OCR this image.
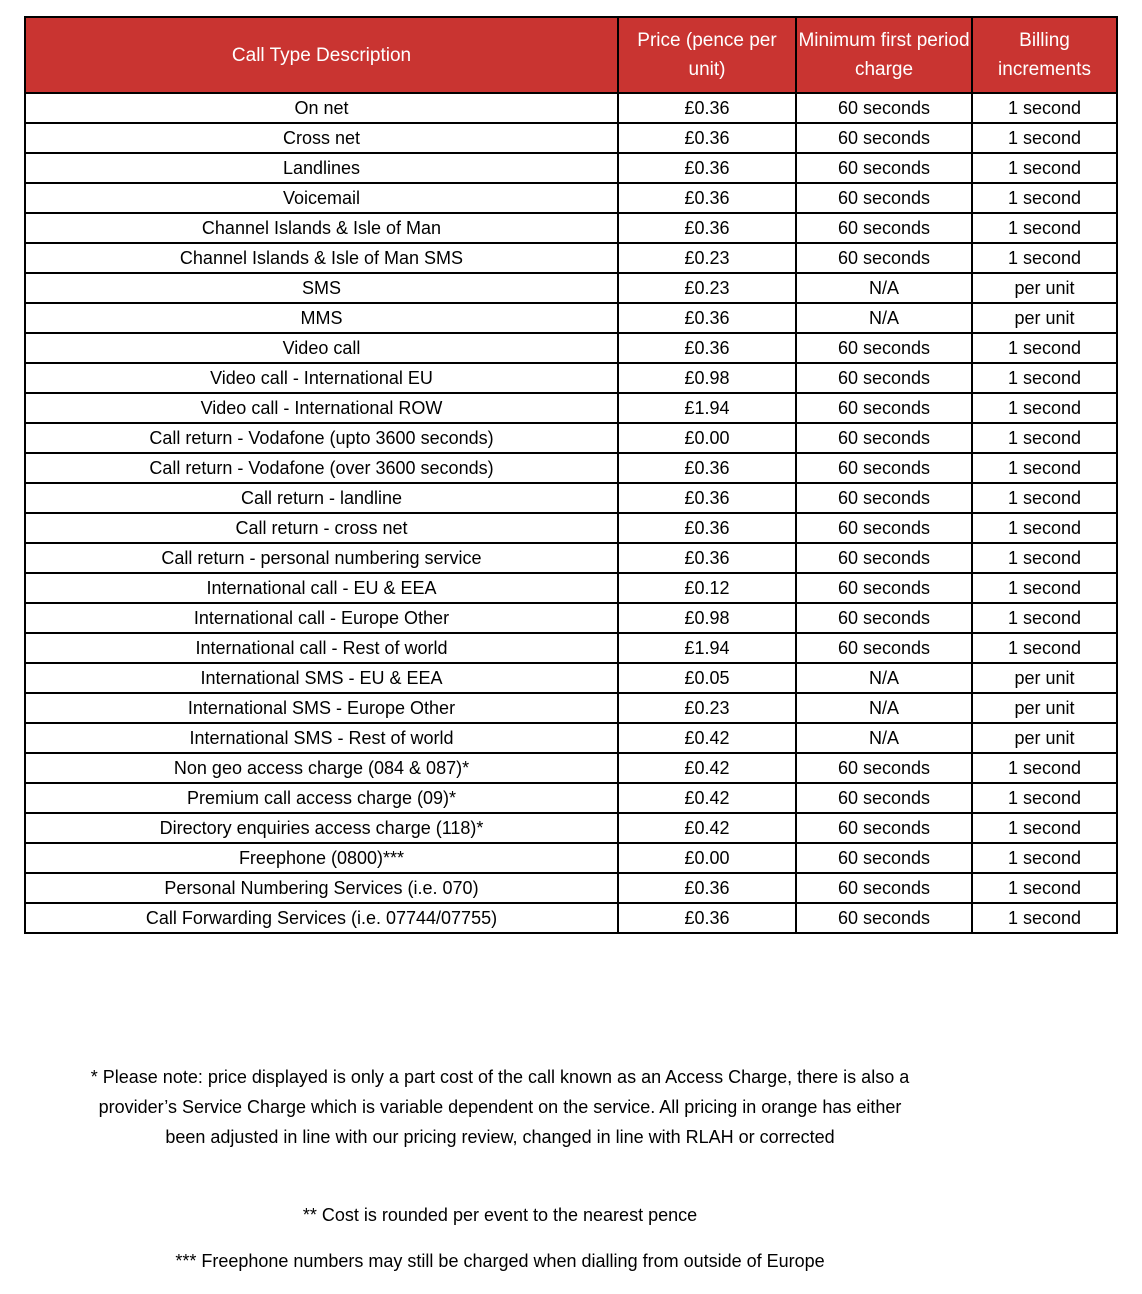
Call Type Description	Price (pence per unit)	Minimum first period charge	Billing increments
On net	£0.36	60 seconds	1 second
Cross net	£0.36	60 seconds	1 second
Landlines	£0.36	60 seconds	1 second
Voicemail	£0.36	60 seconds	1 second
Channel Islands & Isle of Man	£0.36	60 seconds	1 second
Channel Islands & Isle of Man SMS	£0.23	60 seconds	1 second
SMS	£0.23	N/A	per unit
MMS	£0.36	N/A	per unit
Video call	£0.36	60 seconds	1 second
Video call - International EU	£0.98	60 seconds	1 second
Video call - International ROW	£1.94	60 seconds	1 second
Call return - Vodafone (upto 3600 seconds)	£0.00	60 seconds	1 second
Call return - Vodafone (over 3600 seconds)	£0.36	60 seconds	1 second
Call return - landline	£0.36	60 seconds	1 second
Call return - cross net	£0.36	60 seconds	1 second
Call return - personal numbering service	£0.36	60 seconds	1 second
International call - EU & EEA	£0.12	60 seconds	1 second
International call - Europe Other	£0.98	60 seconds	1 second
International call - Rest of world	£1.94	60 seconds	1 second
International SMS - EU & EEA	£0.05	N/A	per unit
International SMS - Europe Other	£0.23	N/A	per unit
International SMS - Rest of world	£0.42	N/A	per unit
Non geo access charge (084 & 087)*	£0.42	60 seconds	1 second
Premium call access charge (09)*	£0.42	60 seconds	1 second
Directory enquiries access charge (118)*	£0.42	60 seconds	1 second
Freephone (0800)***	£0.00	60 seconds	1 second
Personal Numbering Services (i.e. 070)	£0.36	60 seconds	1 second
Call Forwarding Services (i.e. 07744/07755)	£0.36	60 seconds	1 second

* Please note: price displayed is only a part cost of the call known as an Access Charge, there is also a
provider’s Service Charge which is variable dependent on the service. All pricing in orange has either
been adjusted in line with our pricing review, changed in line with RLAH or corrected

** Cost is rounded per event to the nearest pence

*** Freephone numbers may still be charged when dialling from outside of Europe
